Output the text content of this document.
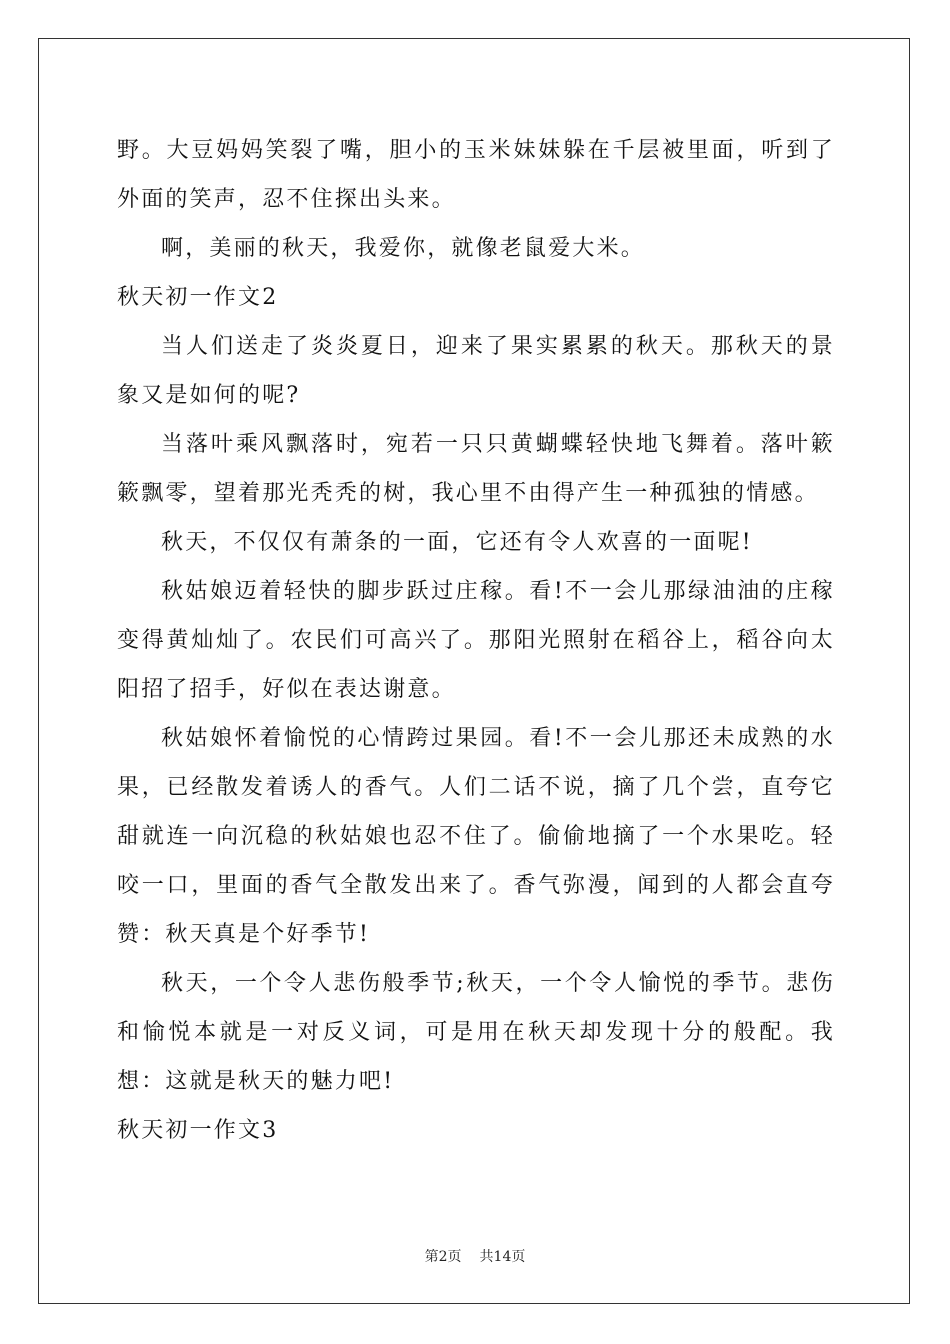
野。大豆妈妈笑裂了嘴，胆小的玉米妹妹躲在千层被里面，听到了外面的笑声，忍不住探出头来。

啊，美丽的秋天，我爱你，就像老鼠爱大米。

秋天初一作文2

当人们送走了炎炎夏日，迎来了果实累累的秋天。那秋天的景象又是如何的呢?

当落叶乘风飘落时，宛若一只只黄蝴蝶轻快地飞舞着。落叶簌簌飘零，望着那光秃秃的树，我心里不由得产生一种孤独的情感。

秋天，不仅仅有萧条的一面，它还有令人欢喜的一面呢!

秋姑娘迈着轻快的脚步跃过庄稼。看!不一会儿那绿油油的庄稼变得黄灿灿了。农民们可高兴了。那阳光照射在稻谷上，稻谷向太阳招了招手，好似在表达谢意。

秋姑娘怀着愉悦的心情跨过果园。看!不一会儿那还未成熟的水果，已经散发着诱人的香气。人们二话不说，摘了几个尝，直夸它甜就连一向沉稳的秋姑娘也忍不住了。偷偷地摘了一个水果吃。轻咬一口，里面的香气全散发出来了。香气弥漫，闻到的人都会直夸赞：秋天真是个好季节!

秋天，一个令人悲伤般季节;秋天，一个令人愉悦的季节。悲伤和愉悦本就是一对反义词，可是用在秋天却发现十分的般配。我想：这就是秋天的魅力吧!

秋天初一作文3

第2页 共14页
